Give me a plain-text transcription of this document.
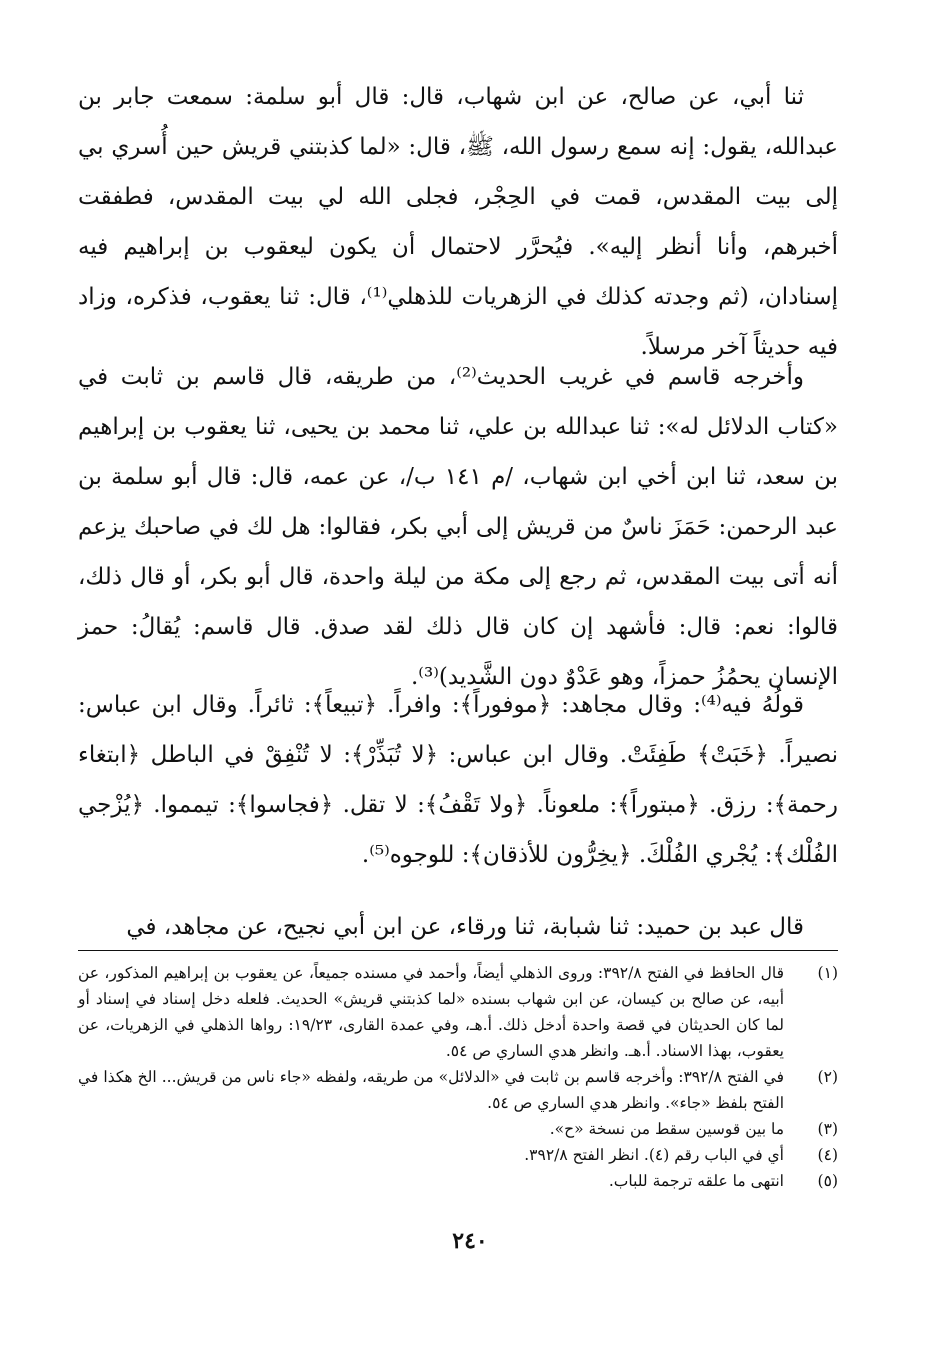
ثنا أبي، عن صالح، عن ابن شهاب، قال: قال أبو سلمة: سمعت جابر بن عبدالله، يقول: إنه سمع رسول الله، ﷺ، قال: «لما كذبتني قريش حين أُسري بي إلى بيت المقدس، قمت في الحِجْر، فجلى الله لي بيت المقدس، فطفقت أخبرهم، وأنا أنظر إليه». فيُحرَّر لاحتمال أن يكون ليعقوب بن إبراهيم فيه إسنادان، (ثم وجدته كذلك في الزهريات للذهلي⁽¹⁾، قال: ثنا يعقوب، فذكره، وزاد فيه حديثاً آخر مرسلاً.

وأخرجه قاسم في غريب الحديث⁽²⁾، من طريقه، قال قاسم بن ثابت في «كتاب الدلائل له»: ثنا عبدالله بن علي، ثنا محمد بن يحيى، ثنا يعقوب بن إبراهيم بن سعد، ثنا ابن أخي ابن شهاب، /م ١٤١ ب/، عن عمه، قال: قال أبو سلمة بن عبد الرحمن: حَمَزَ ناسٌ من قريش إلى أبي بكر، فقالوا: هل لك في صاحبك يزعم أنه أتى بيت المقدس، ثم رجع إلى مكة من ليلة واحدة، قال أبو بكر، أو قال ذلك، قالوا: نعم: قال: فأشهد إن كان قال ذلك لقد صدق. قال قاسم: يُقالُ: حمز الإنسان يحمُزُ حمزاً، وهو عَدْوٌ دون الشَّديد)⁽³⁾.

قولُهُ فيه⁽⁴⁾: وقال مجاهد: ﴿موفوراً﴾: وافراً. ﴿تبيعاً﴾: ثائراً. وقال ابن عباس: نصيراً. ﴿خَبَتْ﴾ طَفِئَتْ. وقال ابن عباس: ﴿لا تُبَذِّرْ﴾: لا تُنْفِقْ في الباطل ﴿ابتغاء رحمة﴾: رزق. ﴿مبتوراً﴾: ملعوناً. ﴿ولا تَقْفُ﴾: لا تقل. ﴿فجاسوا﴾: تيمموا. ﴿يُزْجي الفُلْك﴾: يُجْري الفُلْكَ. ﴿يخِرُّون للأذقان﴾: للوجوه⁽⁵⁾.

قال عبد بن حميد: ثنا شبابة، ثنا ورقاء، عن ابن أبي نجيح، عن مجاهد، في

(١)
قال الحافظ في الفتح ٣٩٢/٨: وروى الذهلي أيضاً، وأحمد في مسنده جميعاً، عن يعقوب بن إبراهيم المذكور، عن أبيه، عن صالح بن كيسان، عن ابن شهاب بسنده «لما كذبتني قريش» الحديث. فلعله دخل إسناد في إسناد أو لما كان الحديثان في قصة واحدة أدخل ذلك. أ.هـ، وفي عمدة القارى، ١٩/٢٣: رواها الذهلي في الزهريات، عن يعقوب، بهذا الاسناد. أ.هـ. وانظر هدي الساري ص ٥٤.
(٢)
في الفتح ٣٩٢/٨: وأخرجه قاسم بن ثابت في «الدلائل» من طريقه، ولفظه «جاء ناس من قريش... الخ هكذا في الفتح بلفظ «جاء». وانظر هدي الساري ص ٥٤.
(٣)
ما بين قوسين سقط من نسخة «ح».
(٤)
أي في الباب رقم (٤). انظر الفتح ٣٩٢/٨.
(٥)
انتهى ما علقه ترجمة للباب.
٢٤٠
